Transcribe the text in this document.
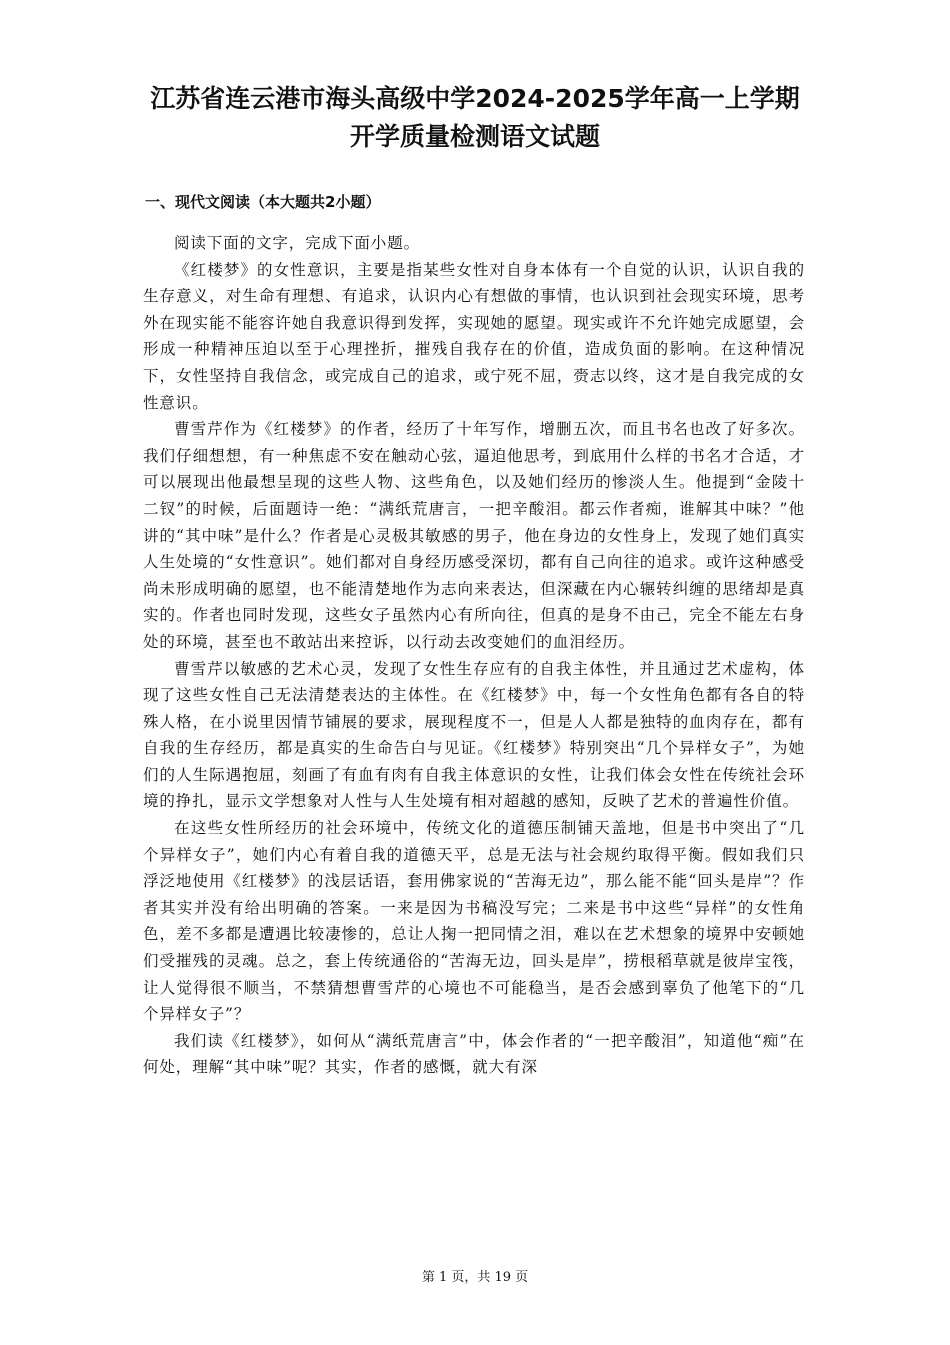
江苏省连云港市海头高级中学2024-2025学年高一上学期
开学质量检测语文试题
一、现代文阅读（本大题共2小题）

阅读下面的文字，完成下面小题。

《红楼梦》的女性意识，主要是指某些女性对自身本体有一个自觉的认识，认识自我的生存意义，对生命有理想、有追求，认识内心有想做的事情，也认识到社会现实环境，思考外在现实能不能容许她自我意识得到发挥，实现她的愿望。现实或许不允许她完成愿望，会形成一种精神压迫以至于心理挫折，摧残自我存在的价值，造成负面的影响。在这种情况下，女性坚持自我信念，或完成自己的追求，或宁死不屈，赍志以终，这才是自我完成的女性意识。

曹雪芹作为《红楼梦》的作者，经历了十年写作，增删五次，而且书名也改了好多次。我们仔细想想，有一种焦虑不安在触动心弦，逼迫他思考，到底用什么样的书名才合适，才可以展现出他最想呈现的这些人物、这些角色，以及她们经历的惨淡人生。他提到“金陵十二钗”的时候，后面题诗一绝：“满纸荒唐言，一把辛酸泪。都云作者痴，谁解其中味？”他讲的“其中味”是什么？作者是心灵极其敏感的男子，他在身边的女性身上，发现了她们真实人生处境的“女性意识”。她们都对自身经历感受深切，都有自己向往的追求。或许这种感受尚未形成明确的愿望，也不能清楚地作为志向来表达，但深藏在内心辗转纠缠的思绪却是真实的。作者也同时发现，这些女子虽然内心有所向往，但真的是身不由己，完全不能左右身处的环境，甚至也不敢站出来控诉，以行动去改变她们的血泪经历。

曹雪芹以敏感的艺术心灵，发现了女性生存应有的自我主体性，并且通过艺术虚构，体现了这些女性自己无法清楚表达的主体性。在《红楼梦》中，每一个女性角色都有各自的特殊人格，在小说里因情节铺展的要求，展现程度不一，但是人人都是独特的血肉存在，都有自我的生存经历，都是真实的生命告白与见证。《红楼梦》特别突出“几个异样女子”，为她们的人生际遇抱屈，刻画了有血有肉有自我主体意识的女性，让我们体会女性在传统社会环境的挣扎，显示文学想象对人性与人生处境有相对超越的感知，反映了艺术的普遍性价值。

在这些女性所经历的社会环境中，传统文化的道德压制铺天盖地，但是书中突出了“几个异样女子”，她们内心有着自我的道德天平，总是无法与社会规约取得平衡。假如我们只浮泛地使用《红楼梦》的浅层话语，套用佛家说的“苦海无边”，那么能不能“回头是岸”？作者其实并没有给出明确的答案。一来是因为书稿没写完；二来是书中这些“异样”的女性角色，差不多都是遭遇比较凄惨的，总让人掬一把同情之泪，难以在艺术想象的境界中安顿她们受摧残的灵魂。总之，套上传统通俗的“苦海无边，回头是岸”，捞根稻草就是彼岸宝筏，让人觉得很不顺当，不禁猜想曹雪芹的心境也不可能稳当，是否会感到辜负了他笔下的“几个异样女子”？

我们读《红楼梦》，如何从“满纸荒唐言”中，体会作者的“一把辛酸泪”，知道他“痴”在何处，理解“其中味”呢？其实，作者的感慨，就大有深

第 1 页，共 19 页
